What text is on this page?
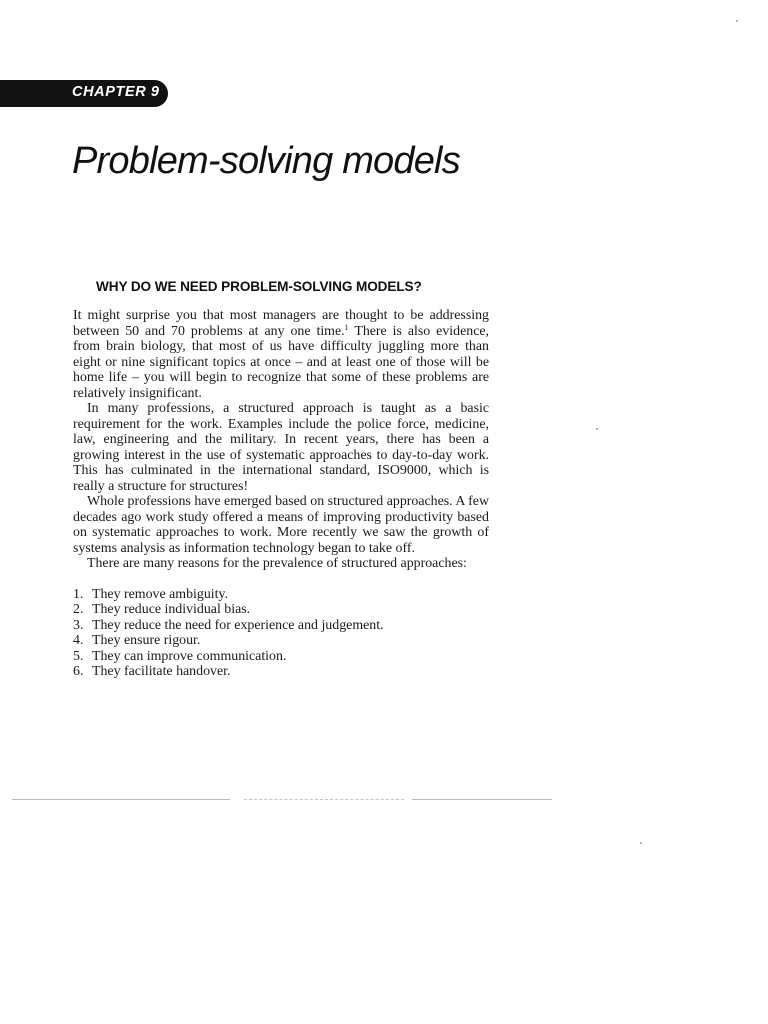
CHAPTER 9
Problem-solving models
WHY DO WE NEED PROBLEM-SOLVING MODELS?

It might surprise you that most managers are thought to be addressing between 50 and 70 problems at any one time.$^1$ There is also evidence, from brain biology, that most of us have difficulty juggling more than eight or nine significant topics at once – and at least one of those will be home life – you will begin to recognize that some of these problems are relatively insignificant.

In many professions, a structured approach is taught as a basic requirement for the work. Examples include the police force, medicine, law, engineering and the military. In recent years, there has been a growing interest in the use of systematic approaches to day-to-day work. This has culminated in the international standard, ISO9000, which is really a structure for structures!

Whole professions have emerged based on structured approaches. A few decades ago work study offered a means of improving productivity based on systematic approaches to work. More recently we saw the growth of systems analysis as information technology began to take off.

There are many reasons for the prevalence of structured approaches:

1. They remove ambiguity.
2. They reduce individual bias.
3. They reduce the need for experience and judgement.
4. They ensure rigour.
5. They can improve communication.
6. They facilitate handover.
